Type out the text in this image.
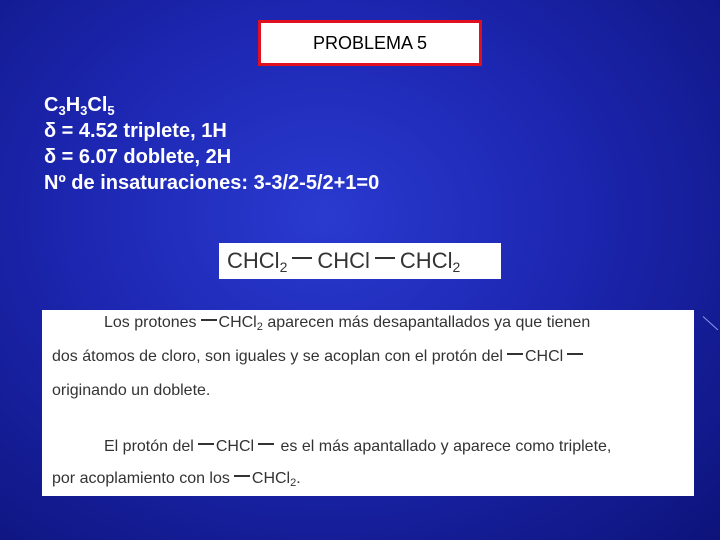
PROBLEMA 5
$C_3H_3Cl_5$
δ = 4.52 triplete, 1H
δ = 6.07 doblete, 2H
Nº de insaturaciones: 3-3/2-5/2+1=0
CHCl$_2$ CHCl CHCl$_2$
Los protones CHCl$_2$ aparecen más desapantallados ya que tienen
dos átomos de cloro, son iguales y se acoplan con el protón del CHCl
originando un doblete.
El protón del CHCl es el más apantallado y aparece como triplete,
por acoplamiento con los CHCl$_2$.
